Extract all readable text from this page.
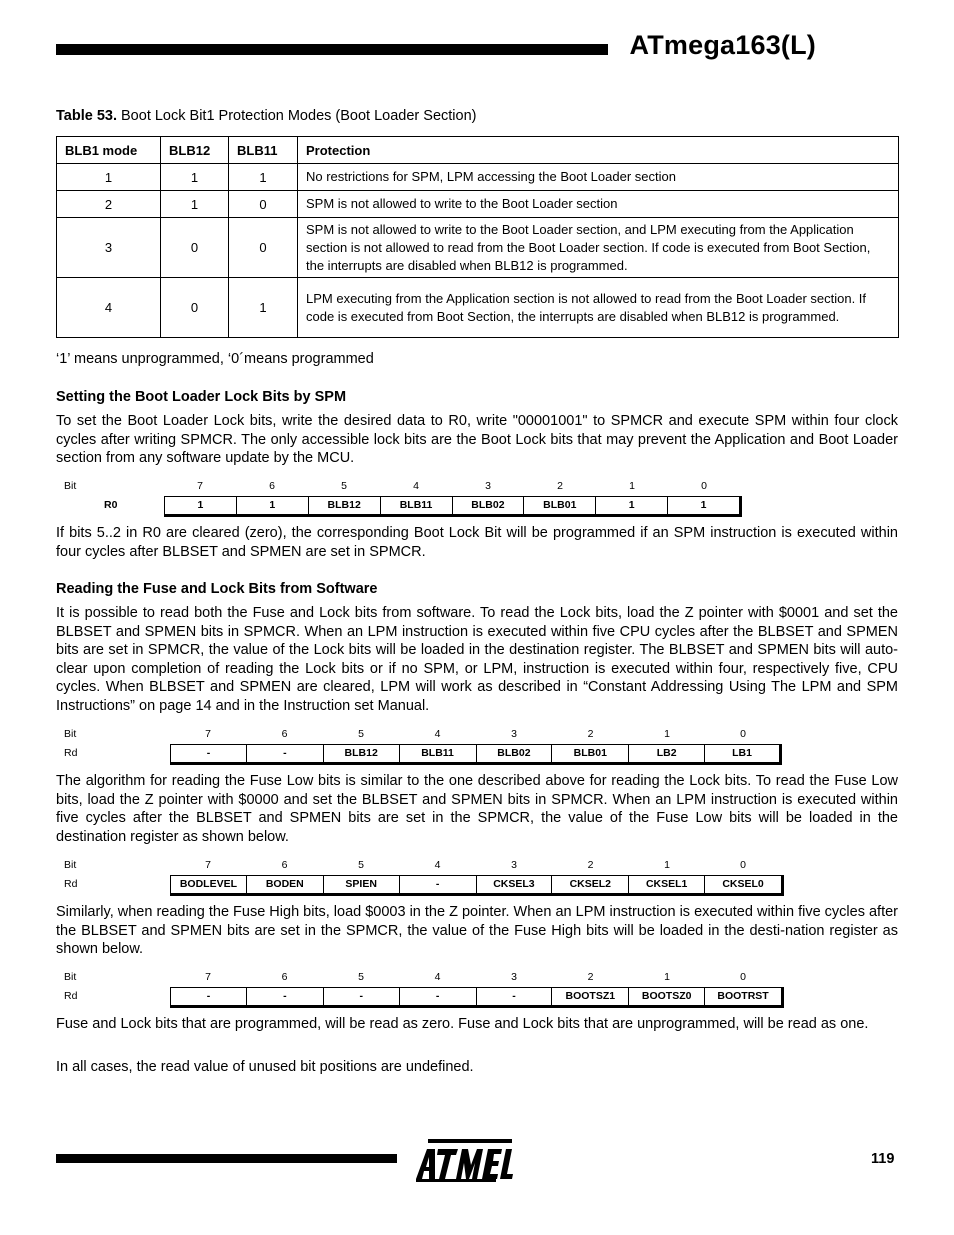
ATmega163(L)
Table 53. Boot Lock Bit1 Protection Modes (Boot Loader Section)
BLB1 mode	BLB12	BLB11	Protection
1	1	1	No restrictions for SPM, LPM accessing the Boot Loader section
2	1	0	SPM is not allowed to write to the Boot Loader section
3	0	0	SPM is not allowed to write to the Boot Loader section, and LPM executing from the Application section is not allowed to read from the Boot Loader section. If code is executed from Boot Section, the interrupts are disabled when BLB12 is programmed.
4	0	1	LPM executing from the Application section is not allowed to read from the Boot Loader section. If code is executed from Boot Section, the interrupts are disabled when BLB12 is programmed.
‘1’ means unprogrammed, ‘0´means programmed
Setting the Boot Loader Lock Bits by SPM
To set the Boot Loader Lock bits, write the desired data to R0, write "00001001" to SPMCR and execute SPM within four clock cycles after writing SPMCR. The only accessible lock bits are the Boot Lock bits that may prevent the Application and Boot Loader section from any software update by the MCU.
Bit
R0
7	6	5	4	3	2	1	0
1	1	BLB12	BLB11	BLB02	BLB01	1	1
If bits 5..2 in R0 are cleared (zero), the corresponding Boot Lock Bit will be programmed if an SPM instruction is executed within four cycles after BLBSET and SPMEN are set in SPMCR.
Reading the Fuse and Lock Bits from Software
It is possible to read both the Fuse and Lock bits from software. To read the Lock bits, load the Z pointer with $0001 and set the BLBSET and SPMEN bits in SPMCR. When an LPM instruction is executed within five CPU cycles after the BLBSET and SPMEN bits are set in SPMCR, the value of the Lock bits will be loaded in the destination register. The BLBSET and SPMEN bits will auto-clear upon completion of reading the Lock bits or if no SPM, or LPM, instruction is executed within four, respectively five, CPU cycles. When BLBSET and SPMEN are cleared, LPM will work as described in “Constant Addressing Using The LPM and SPM Instructions” on page 14 and in the Instruction set Manual.
Bit
Rd
7	6	5	4	3	2	1	0
-	-	BLB12	BLB11	BLB02	BLB01	LB2	LB1
The algorithm for reading the Fuse Low bits is similar to the one described above for reading the Lock bits. To read the Fuse Low bits, load the Z pointer with $0000 and set the BLBSET and SPMEN bits in SPMCR. When an LPM instruction is executed within five cycles after the BLBSET and SPMEN bits are set in the SPMCR, the value of the Fuse Low bits will be loaded in the destination register as shown below.
Bit
Rd
7	6	5	4	3	2	1	0
BODLEVEL	BODEN	SPIEN	-	CKSEL3	CKSEL2	CKSEL1	CKSEL0
Similarly, when reading the Fuse High bits, load $0003 in the Z pointer. When an LPM instruction is executed within five cycles after the BLBSET and SPMEN bits are set in the SPMCR, the value of the Fuse High bits will be loaded in the desti-nation register as shown below.
Bit
Rd
7	6	5	4	3	2	1	0
-	-	-	-	-	BOOTSZ1	BOOTSZ0	BOOTRST
Fuse and Lock bits that are programmed, will be read as zero. Fuse and Lock bits that are unprogrammed, will be read as one.
In all cases, the read value of unused bit positions are undefined.
119
